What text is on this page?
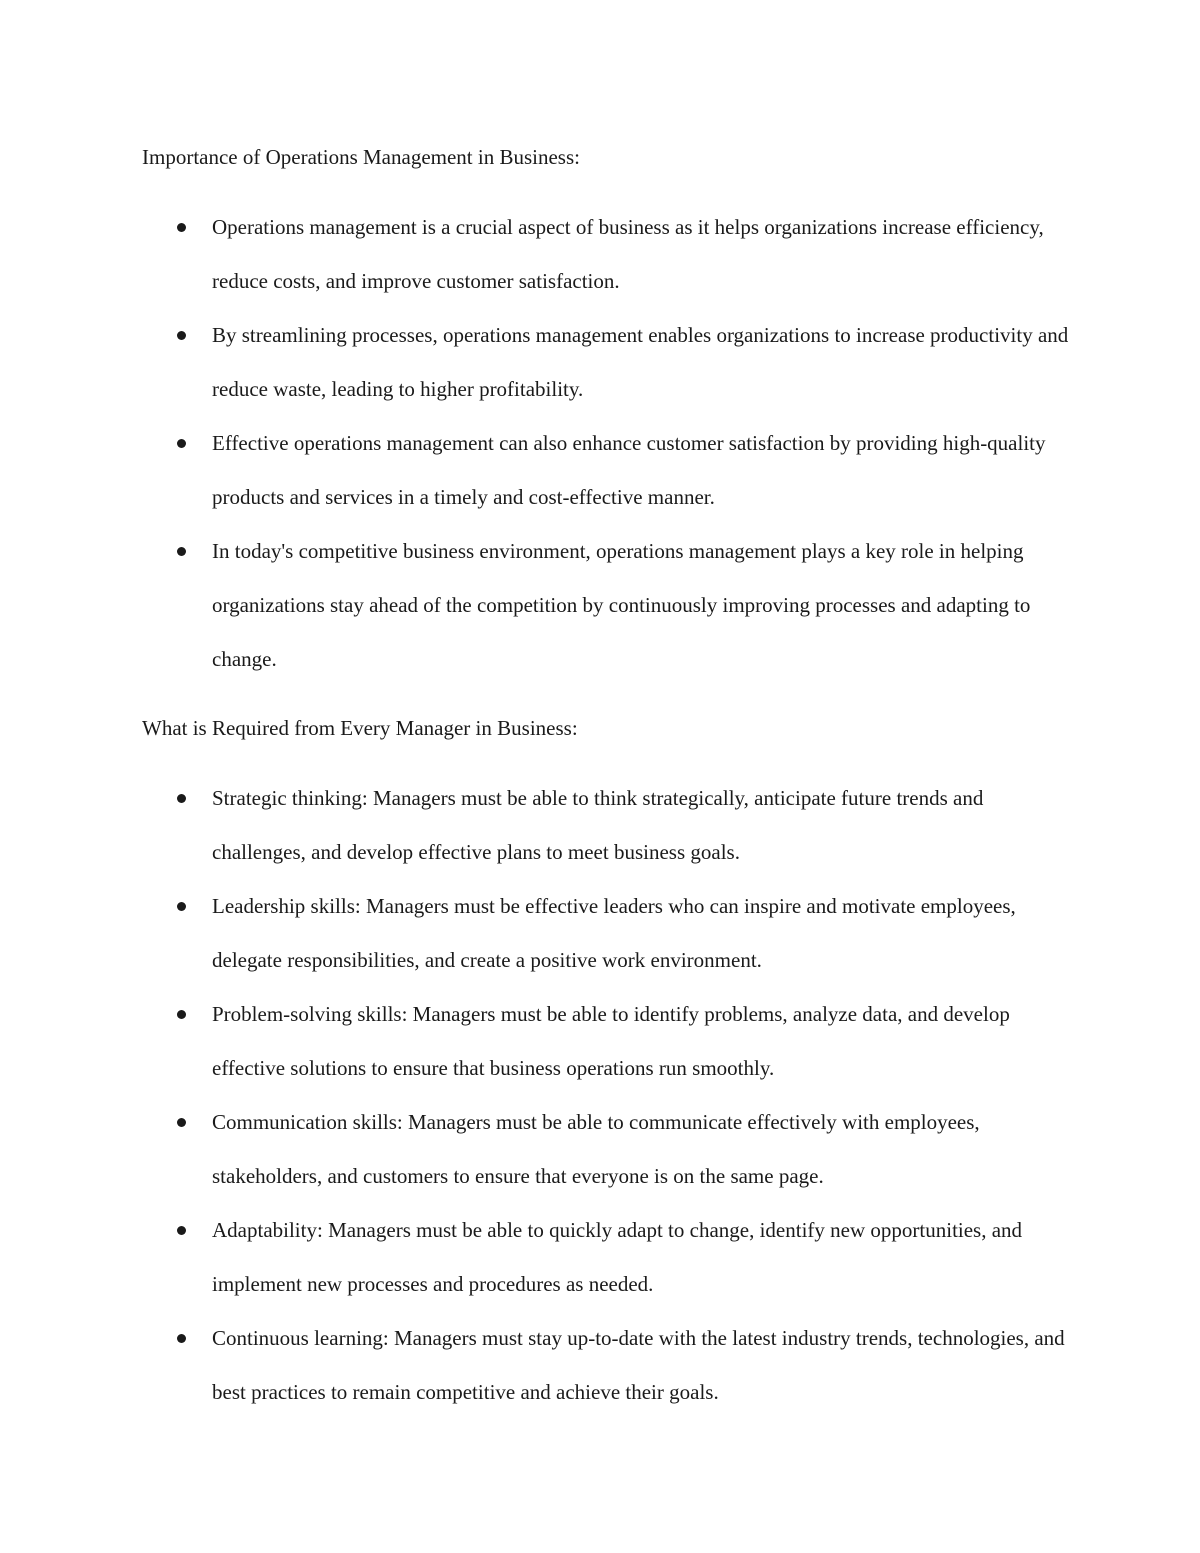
Importance of Operations Management in Business:
Operations management is a crucial aspect of business as it helps organizations increase efficiency, reduce costs, and improve customer satisfaction.
By streamlining processes, operations management enables organizations to increase productivity and reduce waste, leading to higher profitability.
Effective operations management can also enhance customer satisfaction by providing high-quality products and services in a timely and cost-effective manner.
In today's competitive business environment, operations management plays a key role in helping organizations stay ahead of the competition by continuously improving processes and adapting to change.
What is Required from Every Manager in Business:
Strategic thinking: Managers must be able to think strategically, anticipate future trends and challenges, and develop effective plans to meet business goals.
Leadership skills: Managers must be effective leaders who can inspire and motivate employees, delegate responsibilities, and create a positive work environment.
Problem-solving skills: Managers must be able to identify problems, analyze data, and develop effective solutions to ensure that business operations run smoothly.
Communication skills: Managers must be able to communicate effectively with employees, stakeholders, and customers to ensure that everyone is on the same page.
Adaptability: Managers must be able to quickly adapt to change, identify new opportunities, and implement new processes and procedures as needed.
Continuous learning: Managers must stay up-to-date with the latest industry trends, technologies, and best practices to remain competitive and achieve their goals.
